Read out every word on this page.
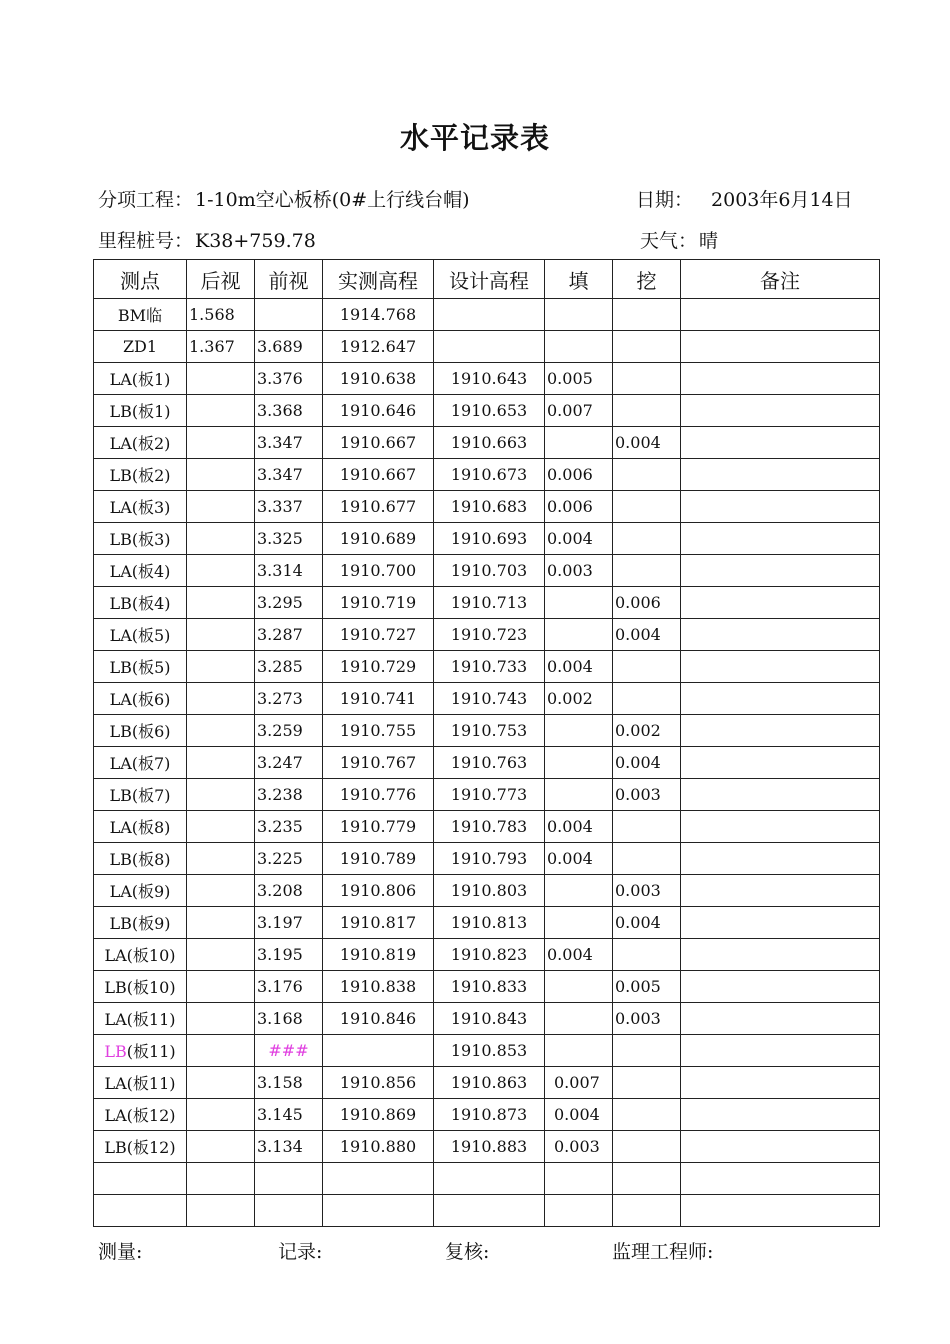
水平记录表
分项工程： 1-10m空心板桥(0#上行线台帽)	日期： 2003年6月14日
里程桩号： K38+759.78	天气： 晴
测点	后视	前视	实测高程	设计高程	填	挖	备注
BM临	1.568		1914.768				
ZD1	1.367	3.689	1912.647				
LA(板1)		3.376	1910.638	1910.643	0.005		
LB(板1)		3.368	1910.646	1910.653	0.007		
LA(板2)		3.347	1910.667	1910.663		0.004	
LB(板2)		3.347	1910.667	1910.673	0.006		
LA(板3)		3.337	1910.677	1910.683	0.006		
LB(板3)		3.325	1910.689	1910.693	0.004		
LA(板4)		3.314	1910.700	1910.703	0.003		
LB(板4)		3.295	1910.719	1910.713		0.006	
LA(板5)		3.287	1910.727	1910.723		0.004	
LB(板5)		3.285	1910.729	1910.733	0.004		
LA(板6)		3.273	1910.741	1910.743	0.002		
LB(板6)		3.259	1910.755	1910.753		0.002	
LA(板7)		3.247	1910.767	1910.763		0.004	
LB(板7)		3.238	1910.776	1910.773		0.003	
LA(板8)		3.235	1910.779	1910.783	0.004		
LB(板8)		3.225	1910.789	1910.793	0.004		
LA(板9)		3.208	1910.806	1910.803		0.003	
LB(板9)		3.197	1910.817	1910.813		0.004	
LA(板10)		3.195	1910.819	1910.823	0.004		
LB(板10)		3.176	1910.838	1910.833		0.005	
LA(板11)		3.168	1910.846	1910.843		0.003	
LB(板11)		###		1910.853			
LA(板11)		3.158	1910.856	1910.863	0.007		
LA(板12)		3.145	1910.869	1910.873	0.004		
LB(板12)		3.134	1910.880	1910.883	0.003		

测量:	记录:	复核:	监理工程师:
